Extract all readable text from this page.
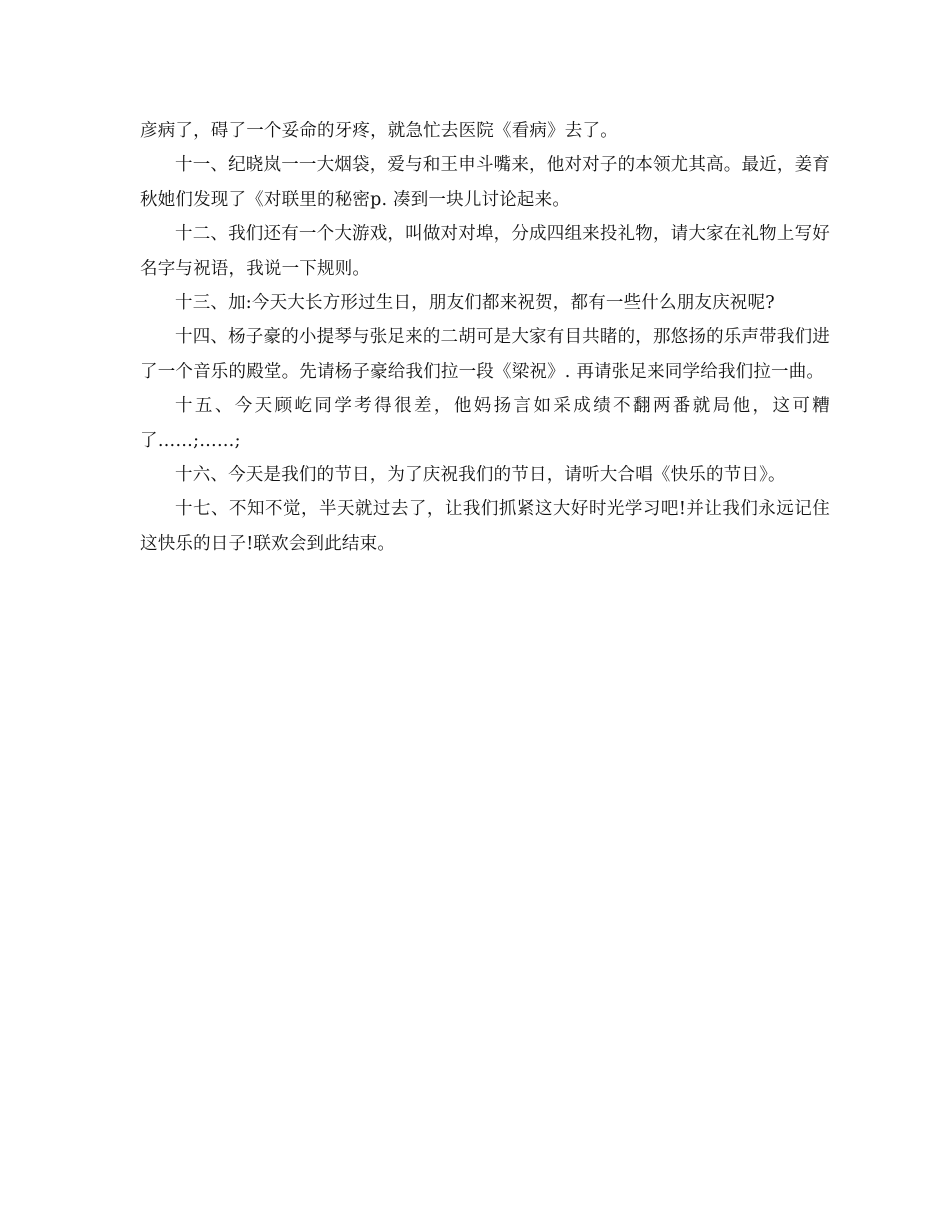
彦病了，碍了一个妥命的牙疼，就急忙去医院《看病》去了。

十一、纪晓岚一一大烟袋，爱与和王申斗嘴来，他对对子的本领尤其高。最近，姜育秋她们发现了《对联里的秘密p. 凑到一块儿讨论起来。

十二、我们还有一个大游戏，叫做对对埠，分成四组来投礼物，请大家在礼物上写好名字与祝语，我说一下规则。

十三、加:今天大长方形过生日，朋友们都来祝贺，都有一些什么朋友庆祝呢?

十四、杨子豪的小提琴与张足来的二胡可是大家有目共睹的，那悠扬的乐声带我们进了一个音乐的殿堂。先请杨子豪给我们拉一段《梁祝》. 再请张足来同学给我们拉一曲。

十五、今天顾屹同学考得很差，他妈扬言如采成绩不翻两番就局他，这可糟了……;……;

十六、今天是我们的节日，为了庆祝我们的节日，请听大合唱《快乐的节日》。

十七、不知不觉，半天就过去了，让我们抓紧这大好时光学习吧!并让我们永远记住这快乐的日子!联欢会到此结束。
